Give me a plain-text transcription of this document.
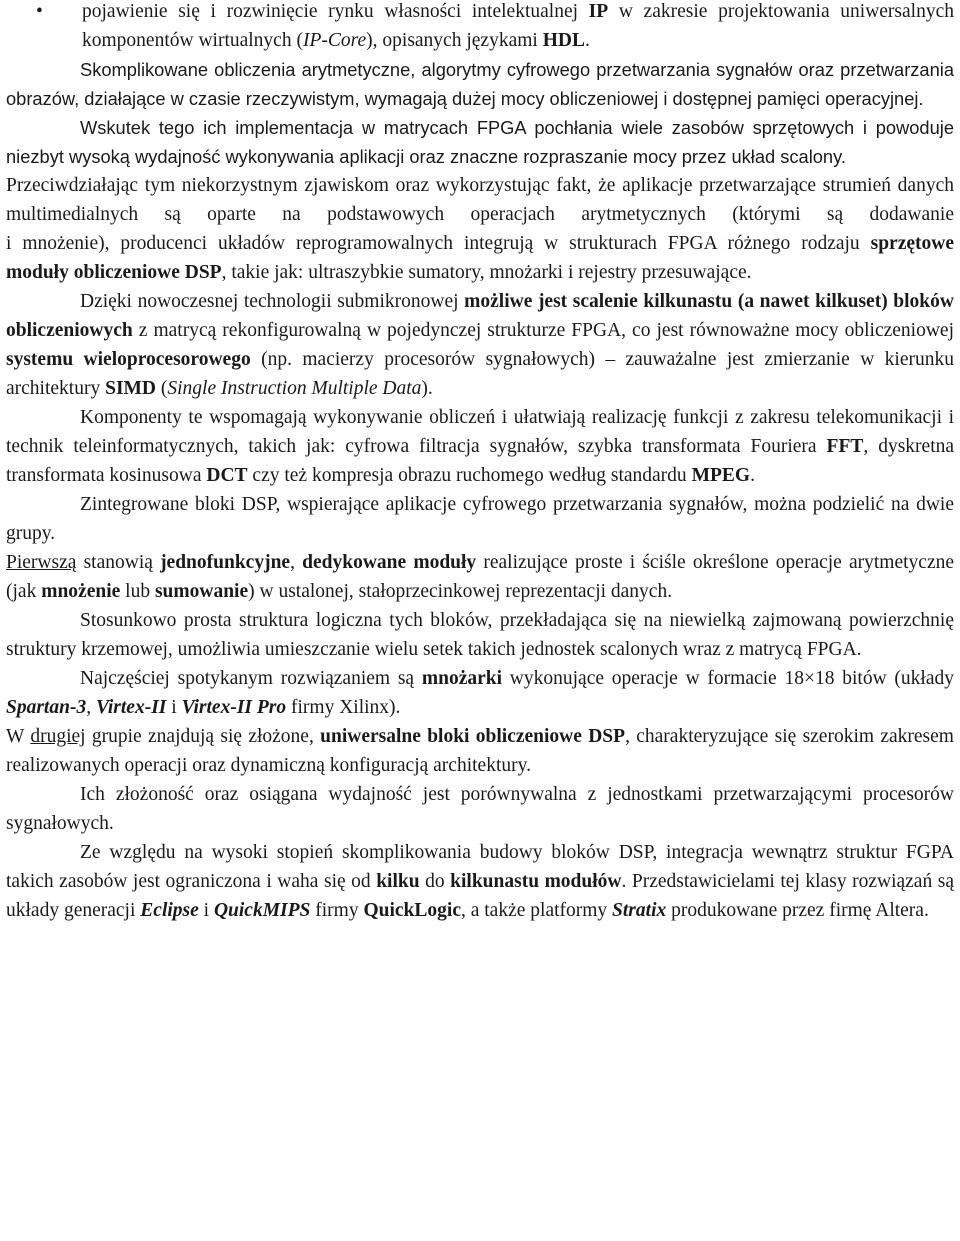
•	pojawienie się i rozwinięcie rynku własności intelektualnej IP w zakresie projektowania uniwersalnych komponentów wirtualnych (IP-Core), opisanych językami HDL.

Skomplikowane obliczenia arytmetyczne, algorytmy cyfrowego przetwarzania sygnałów oraz przetwarzania obrazów, działające w czasie rzeczywistym, wymagają dużej mocy obliczeniowej i dostępnej pamięci operacyjnej.

Wskutek tego ich implementacja w matrycach FPGA pochłania wiele zasobów sprzętowych i powoduje niezbyt wysoką wydajność wykonywania aplikacji oraz znaczne rozpraszanie mocy przez układ scalony.

Przeciwdziałając tym niekorzystnym zjawiskom oraz wykorzystując fakt, że aplikacje przetwarzające strumień danych multimedialnych są oparte na podstawowych operacjach arytmetycznych (którymi są dodawanie
i mnożenie), producenci układów reprogramowalnych integrują w strukturach FPGA różnego rodzaju sprzętowe moduły obliczeniowe DSP, takie jak: ultraszybkie sumatory, mnożarki i rejestry przesuwające.

Dzięki nowoczesnej technologii submikronowej możliwe jest scalenie kilkunastu (a nawet kilkuset) bloków obliczeniowych z matrycą rekonfigurowalną w pojedynczej strukturze FPGA, co jest równoważne mocy obliczeniowej systemu wieloprocesorowego (np. macierzy procesorów sygnałowych) – zauważalne jest zmierzanie w kierunku architektury SIMD (Single Instruction Multiple Data).

Komponenty te wspomagają wykonywanie obliczeń i ułatwiają realizację funkcji z zakresu telekomunikacji i technik teleinformatycznych, takich jak: cyfrowa filtracja sygnałów, szybka transformata Fouriera FFT, dyskretna transformata kosinusowa DCT czy też kompresja obrazu ruchomego według standardu MPEG.

Zintegrowane bloki DSP, wspierające aplikacje cyfrowego przetwarzania sygnałów, można podzielić na dwie grupy.

Pierwszą stanowią jednofunkcyjne, dedykowane moduły realizujące proste i ściśle określone operacje arytmetyczne (jak mnożenie lub sumowanie) w ustalonej, stałoprzecinkowej reprezentacji danych.

Stosunkowo prosta struktura logiczna tych bloków, przekładająca się na niewielką zajmowaną powierzchnię struktury krzemowej, umożliwia umieszczanie wielu setek takich jednostek scalonych wraz z matrycą FPGA.

Najczęściej spotykanym rozwiązaniem są mnożarki wykonujące operacje w formacie 18×18 bitów (układy Spartan-3, Virtex-II i Virtex-II Pro firmy Xilinx).

W drugiej grupie znajdują się złożone, uniwersalne bloki obliczeniowe DSP, charakteryzujące się szerokim zakresem realizowanych operacji oraz dynamiczną konfiguracją architektury.

Ich złożoność oraz osiągana wydajność jest porównywalna z jednostkami przetwarzającymi procesorów sygnałowych.

Ze względu na wysoki stopień skomplikowania budowy bloków DSP, integracja wewnątrz struktur FGPA takich zasobów jest ograniczona i waha się od kilku do kilkunastu modułów. Przedstawicielami tej klasy rozwiązań są układy generacji Eclipse i QuickMIPS firmy QuickLogic, a także platformy Stratix produkowane przez firmę Altera.
